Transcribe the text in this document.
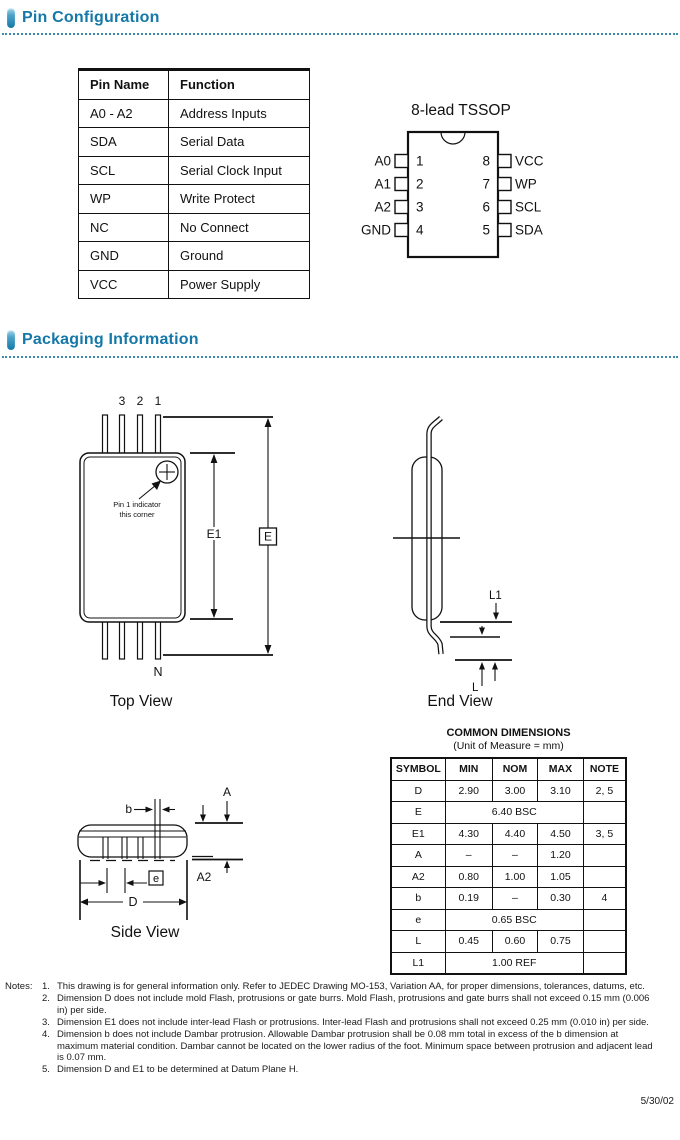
Pin Configuration
Pin Name	Function
A0 - A2	Address Inputs
SDA	Serial Data
SCL	Serial Clock Input
WP	Write Protect
NC	No Connect
GND	Ground
VCC	Power Supply
8-lead TSSOP
1
2
3
4
8
7
6
5
A0
A1
A2
GND
VCC
WP
SCL
SDA
Packaging Information
3 2 1
Pin 1 indicator
this corner
E1	E
N
Top View
L1
L
End View
b
A
A2
e
D
Side View
COMMON DIMENSIONS
(Unit of Measure = mm)
SYMBOL	MIN	NOM	MAX	NOTE
D	2.90	3.00	3.10	2, 5
E	6.40 BSC			
E1	4.30	4.40	4.50	3, 5
A	–	–	1.20	
A2	0.80	1.00	1.05	
b	0.19	–	0.30	4
e	0.65 BSC			
L	0.45	0.60	0.75	
L1	1.00 REF			
Notes:	1. This drawing is for general information only. Refer to JEDEC Drawing MO-153, Variation AA, for proper dimensions, tolerances, datums, etc.
2. Dimension D does not include mold Flash, protrusions or gate burrs. Mold Flash, protrusions and gate burrs shall not exceed 0.15 mm (0.006 in) per side.
3. Dimension E1 does not include inter-lead Flash or protrusions. Inter-lead Flash and protrusions shall not exceed 0.25 mm (0.010 in) per side.
4. Dimension b does not include Dambar protrusion. Allowable Dambar protrusion shall be 0.08 mm total in excess of the b dimension at maximum material condition. Dambar cannot be located on the lower radius of the foot. Minimum space between protrusion and adjacent lead is 0.07 mm.
5. Dimension D and E1 to be determined at Datum Plane H.
5/30/02
